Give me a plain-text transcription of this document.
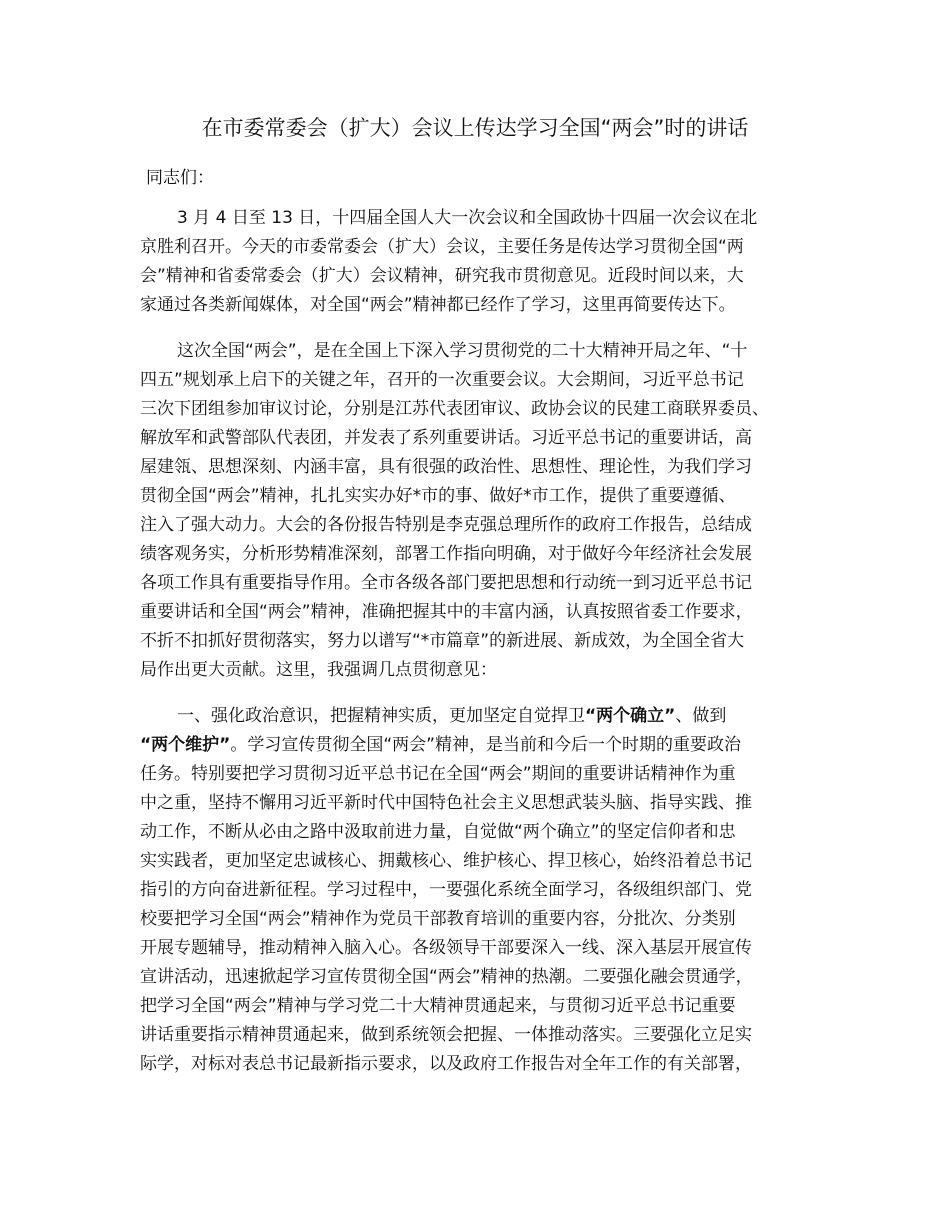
在市委常委会（扩大）会议上传达学习全国“两会”时的讲话
同志们：
3 月 4 日至 13 日，十四届全国人大一次会议和全国政协十四届一次会议在北
京胜利召开。今天的市委常委会（扩大）会议，主要任务是传达学习贯彻全国“两
会”精神和省委常委会（扩大）会议精神，研究我市贯彻意见。近段时间以来，大
家通过各类新闻媒体，对全国“两会”精神都已经作了学习，这里再简要传达下。
这次全国“两会”，是在全国上下深入学习贯彻党的二十大精神开局之年、“十
四五”规划承上启下的关键之年，召开的一次重要会议。大会期间，习近平总书记
三次下团组参加审议讨论，分别是江苏代表团审议、政协会议的民建工商联界委员、
解放军和武警部队代表团，并发表了系列重要讲话。习近平总书记的重要讲话，高
屋建瓴、思想深刻、内涵丰富，具有很强的政治性、思想性、理论性，为我们学习
贯彻全国“两会”精神，扎扎实实办好*市的事、做好*市工作，提供了重要遵循、
注入了强大动力。大会的各份报告特别是李克强总理所作的政府工作报告，总结成
绩客观务实，分析形势精准深刻，部署工作指向明确，对于做好今年经济社会发展
各项工作具有重要指导作用。全市各级各部门要把思想和行动统一到习近平总书记
重要讲话和全国“两会”精神，准确把握其中的丰富内涵，认真按照省委工作要求，
不折不扣抓好贯彻落实，努力以谱写“*市篇章”的新进展、新成效，为全国全省大
局作出更大贡献。这里，我强调几点贯彻意见：
一、强化政治意识，把握精神实质，更加坚定自觉捍卫“两个确立”、做到
“两个维护”。学习宣传贯彻全国“两会”精神，是当前和今后一个时期的重要政治
任务。特别要把学习贯彻习近平总书记在全国“两会”期间的重要讲话精神作为重
中之重，坚持不懈用习近平新时代中国特色社会主义思想武装头脑、指导实践、推
动工作，不断从必由之路中汲取前进力量，自觉做“两个确立”的坚定信仰者和忠
实实践者，更加坚定忠诚核心、拥戴核心、维护核心、捍卫核心，始终沿着总书记
指引的方向奋进新征程。学习过程中，一要强化系统全面学习，各级组织部门、党
校要把学习全国“两会”精神作为党员干部教育培训的重要内容，分批次、分类别
开展专题辅导，推动精神入脑入心。各级领导干部要深入一线、深入基层开展宣传
宣讲活动，迅速掀起学习宣传贯彻全国“两会”精神的热潮。二要强化融会贯通学，
把学习全国“两会”精神与学习党二十大精神贯通起来，与贯彻习近平总书记重要
讲话重要指示精神贯通起来，做到系统领会把握、一体推动落实。三要强化立足实
际学，对标对表总书记最新指示要求，以及政府工作报告对全年工作的有关部署，
